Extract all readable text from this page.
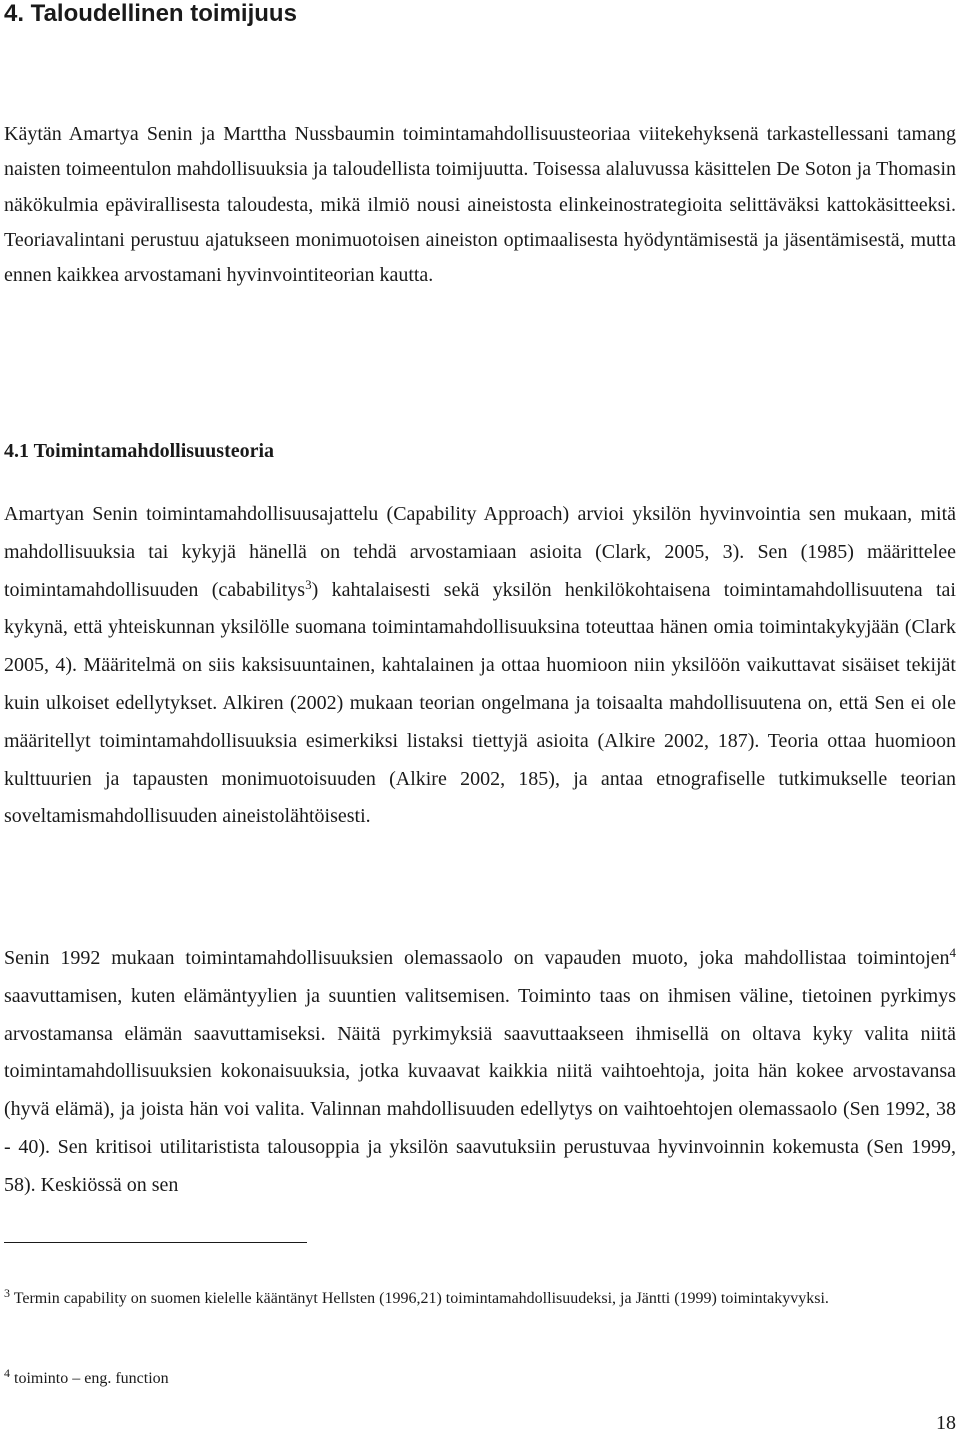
4. Taloudellinen toimijuus

Käytän Amartya Senin ja Marttha Nussbaumin toimintamahdollisuusteoriaa viitekehyksenä tarkastellessani tamang naisten toimeentulon mahdollisuuksia ja taloudellista toimijuutta. Toisessa alaluvussa käsittelen De Soton ja Thomasin näkökulmia epävirallisesta taloudesta, mikä ilmiö nousi aineistosta elinkeinostrategioita selittäväksi kattokäsitteeksi. Teoriavalintani perustuu ajatukseen monimuotoisen aineiston optimaalisesta hyödyntämisestä ja jäsentämisestä, mutta ennen kaikkea arvostamani hyvinvointiteorian kautta.

4.1 Toimintamahdollisuusteoria

Amartyan Senin toimintamahdollisuusajattelu (Capability Approach) arvioi yksilön hyvinvointia sen mukaan, mitä mahdollisuuksia tai kykyjä hänellä on tehdä arvostamiaan asioita (Clark, 2005, 3). Sen (1985) määrittelee toimintamahdollisuuden (cababilitys$^3$) kahtalaisesti sekä yksilön henkilökohtaisena toimintamahdollisuutena tai kykynä, että yhteiskunnan yksilölle suomana toimintamahdollisuuksina toteuttaa hänen omia toimintakykyjään (Clark 2005, 4). Määritelmä on siis kaksisuuntainen, kahtalainen ja ottaa huomioon niin yksilöön vaikuttavat sisäiset tekijät kuin ulkoiset edellytykset. Alkiren (2002) mukaan teorian ongelmana ja toisaalta mahdollisuutena on, että Sen ei ole määritellyt toimintamahdollisuuksia esimerkiksi listaksi tiettyjä asioita (Alkire 2002, 187). Teoria ottaa huomioon kulttuurien ja tapausten monimuotoisuuden (Alkire 2002, 185), ja antaa etnografiselle tutkimukselle teorian soveltamismahdollisuuden aineistolähtöisesti.

Senin 1992 mukaan toimintamahdollisuuksien olemassaolo on vapauden muoto, joka mahdollistaa toimintojen$^4$ saavuttamisen, kuten elämäntyylien ja suuntien valitsemisen. Toiminto taas on ihmisen väline, tietoinen pyrkimys arvostamansa elämän saavuttamiseksi. Näitä pyrkimyksiä saavuttaakseen ihmisellä on oltava kyky valita niitä toimintamahdollisuuksien kokonaisuuksia, jotka kuvaavat kaikkia niitä vaihtoehtoja, joita hän kokee arvostavansa (hyvä elämä), ja joista hän voi valita. Valinnan mahdollisuuden edellytys on vaihtoehtojen olemassaolo (Sen 1992, 38 - 40). Sen kritisoi utilitaristista talousoppia ja yksilön saavutuksiin perustuvaa hyvinvoinnin kokemusta (Sen 1999, 58). Keskiössä on sen

$^3$ Termin capability on suomen kielelle kääntänyt Hellsten (1996,21) toimintamahdollisuudeksi, ja Jäntti (1999) toimintakyvyksi.

$^4$ toiminto – eng. function

18
